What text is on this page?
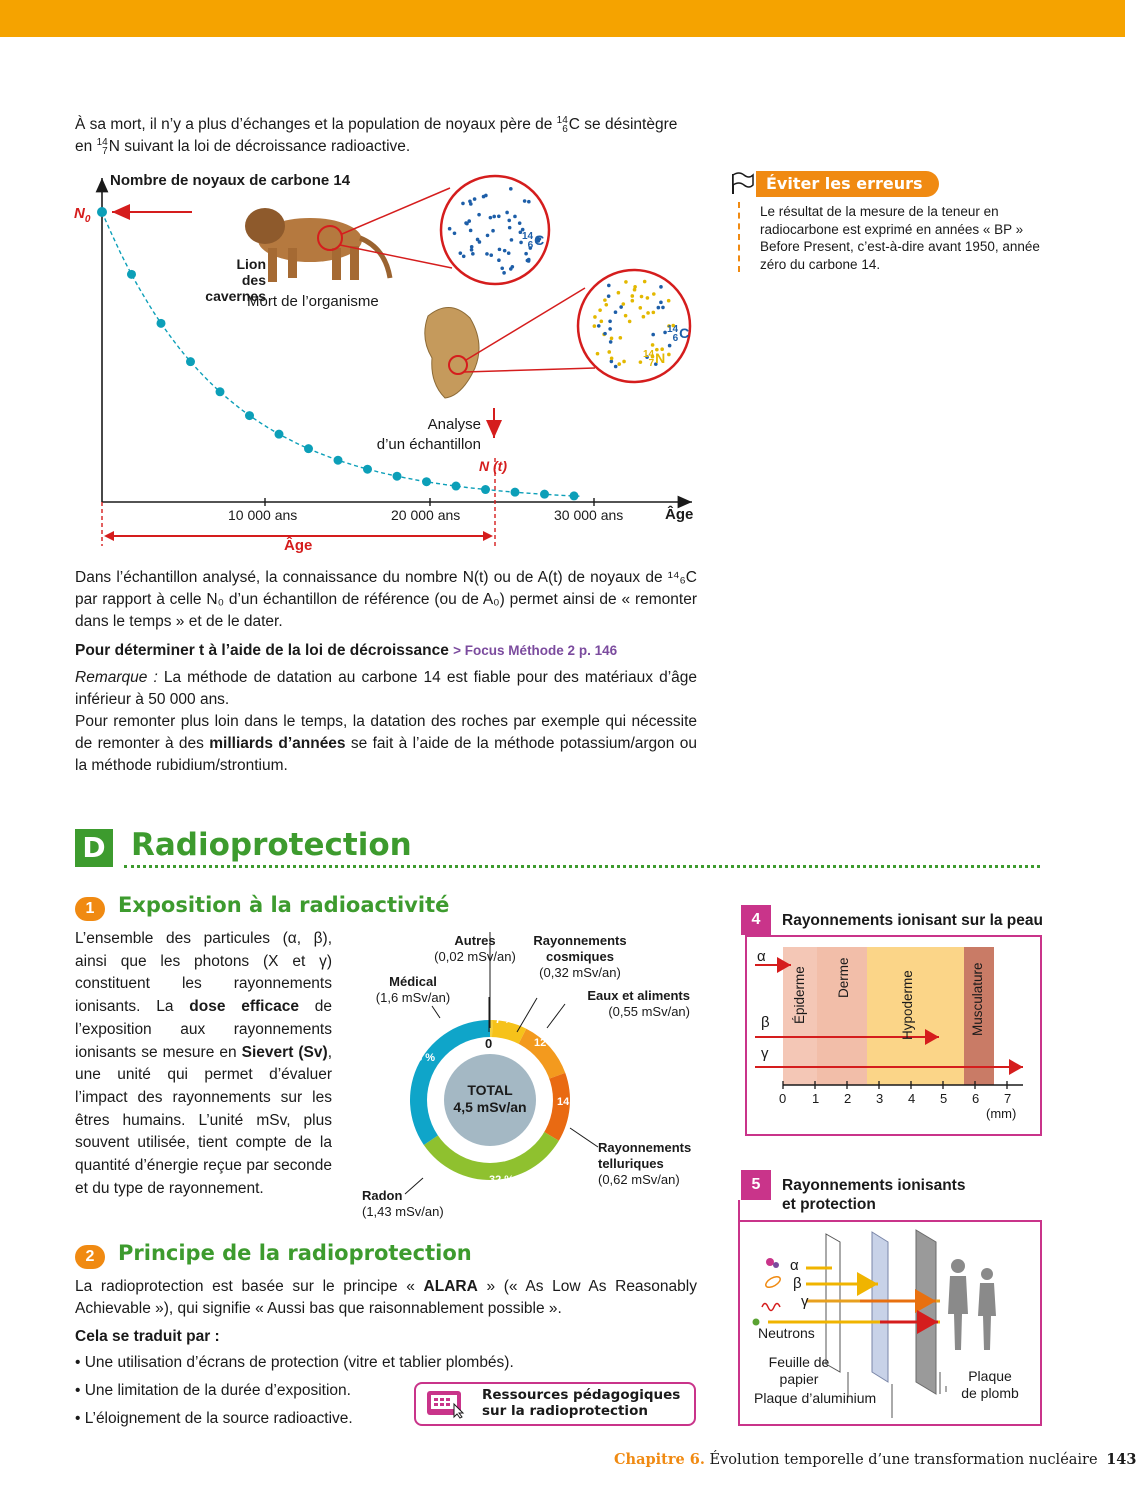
À sa mort, il n’y a plus d’échanges et la population de noyaux père de 14
6 C se désintègre
en 14
7 N suivant la loi de décroissance radioactive.
Nombre de noyaux de carbone 14
$N_0$
Lion
des cavernes
Mort de l’organisme
Analyse
d’un échantillon
N (t)
14
6 C
14
6 C
14
7 N
10 000 ans	20 000 ans	30 000 ans	Âge
Âge
Dans l’échantillon analysé, la connaissance du nombre N(t) ou de A(t) de noyaux de ¹⁴₆C par rapport à celle N₀ d’un échantillon de référence (ou de A₀) permet ainsi de « remonter dans le temps » et de le dater.
Pour déterminer t à l’aide de la loi de décroissance > Focus Méthode 2 p. 146
Remarque : La méthode de datation au carbone 14 est fiable pour des matériaux d’âge inférieur à 50 000 ans.
Pour remonter plus loin dans le temps, la datation des roches par exemple qui nécessite de remonter à des milliards d’années se fait à l’aide de la méthode potassium/argon ou la méthode rubidium/strontium.
Éviter les erreurs
Le résultat de la mesure de la teneur en radiocarbone est exprimé en années « BP » Before Present, c’est-à-dire avant 1950, année zéro du carbone 14.
D Radioprotection
1	Exposition à la radioactivité
L’ensemble des particules (α, β), ainsi que les photons (X et γ) constituent les rayonnements ionisants. La dose efficace de l’exposition aux rayonnements ionisants se mesure en Sievert (Sv), une unité qui permet d’évaluer l’impact des rayonnements sur les êtres humains. L’unité mSv, plus souvent utilisée, tient compte de la quantité d’énergie reçue par seconde et du type de rayonnement.
TOTAL
4,5 mSv/an
0
7 %
12 %
14 %
32 %
35 %
Autres
(0,02 mSv/an)
Rayonnements cosmiques
(0,32 mSv/an)
Eaux et aliments
(0,55 mSv/an)
Rayonnements telluriques
(0,62 mSv/an)
Radon
(1,43 mSv/an)
Médical
(1,6 mSv/an)
2	Principe de la radioprotection
La radioprotection est basée sur le principe « ALARA » (« As Low As Reasonably Achievable »), qui signifie « Aussi bas que raisonnablement possible ».
Cela se traduit par :
• Une utilisation d’écrans de protection (vitre et tablier plombés).
• Une limitation de la durée d’exposition.
• L’éloignement de la source radioactive.
Ressources pédagogiques
sur la radioprotection
4	Rayonnements ionisant sur la peau
α
β
γ
Épiderme Derme	Hypoderme	Musculature
0 1 2 3 4 5 6 7
(mm)
5	Rayonnements ionisants
et protection
α
β
γ
Neutrons
Feuille de
papier
Plaque d’aluminium
Plaque
de plomb
Chapitre 6. Évolution temporelle d’une transformation nucléaire 143
